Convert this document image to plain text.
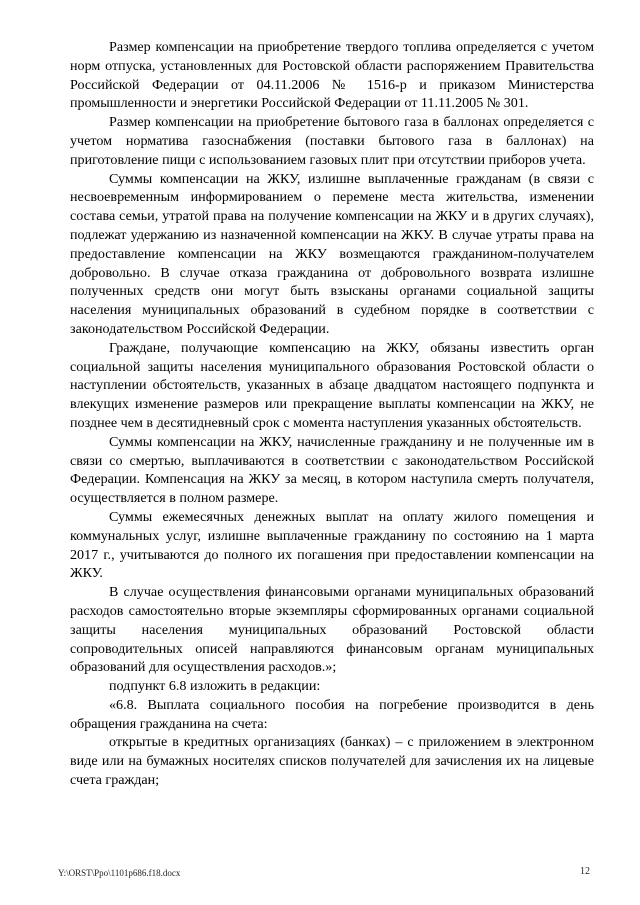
Размер компенсации на приобретение твердого топлива определяется с учетом норм отпуска, установленных для Ростовской области распоряжением Правительства Российской Федерации от 04.11.2006 № 1516-р и приказом Министерства промышленности и энергетики Российской Федерации от 11.11.2005 № 301.

Размер компенсации на приобретение бытового газа в баллонах определяется с учетом норматива газоснабжения (поставки бытового газа в баллонах) на приготовление пищи с использованием газовых плит при отсутствии приборов учета.

Суммы компенсации на ЖКУ, излишне выплаченные гражданам (в связи с несвоевременным информированием о перемене места жительства, изменении состава семьи, утратой права на получение компенсации на ЖКУ и в других случаях), подлежат удержанию из назначенной компенсации на ЖКУ. В случае утраты права на предоставление компенсации на ЖКУ возмещаются гражданином-получателем добровольно. В случае отказа гражданина от добровольного возврата излишне полученных средств они могут быть взысканы органами социальной защиты населения муниципальных образований в судебном порядке в соответствии с законодательством Российской Федерации.

Граждане, получающие компенсацию на ЖКУ, обязаны известить орган социальной защиты населения муниципального образования Ростовской области о наступлении обстоятельств, указанных в абзаце двадцатом настоящего подпункта и влекущих изменение размеров или прекращение выплаты компенсации на ЖКУ, не позднее чем в десятидневный срок с момента наступления указанных обстоятельств.

Суммы компенсации на ЖКУ, начисленные гражданину и не полученные им в связи со смертью, выплачиваются в соответствии с законодательством Российской Федерации. Компенсация на ЖКУ за месяц, в котором наступила смерть получателя, осуществляется в полном размере.

Суммы ежемесячных денежных выплат на оплату жилого помещения и коммунальных услуг, излишне выплаченные гражданину по состоянию на 1 марта 2017 г., учитываются до полного их погашения при предоставлении компенсации на ЖКУ.

В случае осуществления финансовыми органами муниципальных образований расходов самостоятельно вторые экземпляры сформированных органами социальной защиты населения муниципальных образований Ростовской области сопроводительных описей направляются финансовым органам муниципальных образований для осуществления расходов.»;

подпункт 6.8 изложить в редакции:

«6.8. Выплата социального пособия на погребение производится в день обращения гражданина на счета:

открытые в кредитных организациях (банках) – с приложением в электронном виде или на бумажных носителях списков получателей для зачисления их на лицевые счета граждан;

Y:\ORST\Ppo\1101p686.f18.docx	12
